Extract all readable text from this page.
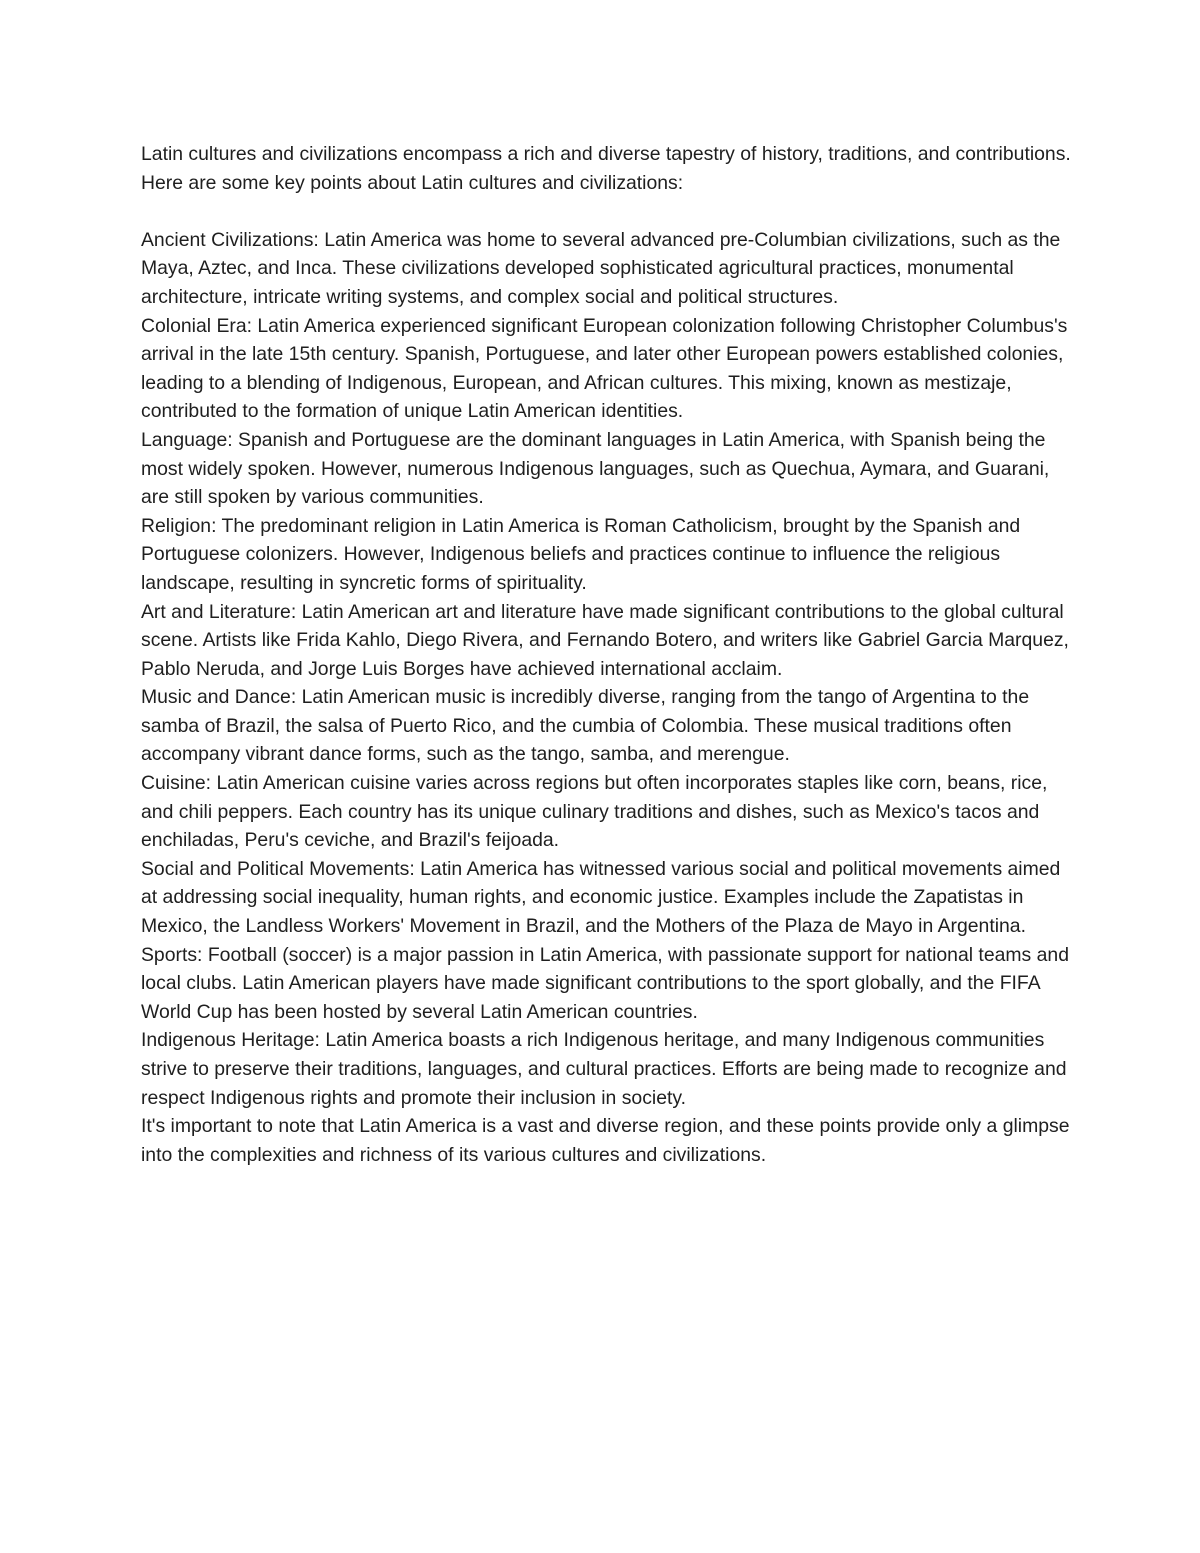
Latin cultures and civilizations encompass a rich and diverse tapestry of history, traditions, and contributions. Here are some key points about Latin cultures and civilizations:

Ancient Civilizations: Latin America was home to several advanced pre-Columbian civilizations, such as the Maya, Aztec, and Inca. These civilizations developed sophisticated agricultural practices, monumental architecture, intricate writing systems, and complex social and political structures.

Colonial Era: Latin America experienced significant European colonization following Christopher Columbus's arrival in the late 15th century. Spanish, Portuguese, and later other European powers established colonies, leading to a blending of Indigenous, European, and African cultures. This mixing, known as mestizaje, contributed to the formation of unique Latin American identities.

Language: Spanish and Portuguese are the dominant languages in Latin America, with Spanish being the most widely spoken. However, numerous Indigenous languages, such as Quechua, Aymara, and Guarani, are still spoken by various communities.

Religion: The predominant religion in Latin America is Roman Catholicism, brought by the Spanish and Portuguese colonizers. However, Indigenous beliefs and practices continue to influence the religious landscape, resulting in syncretic forms of spirituality.

Art and Literature: Latin American art and literature have made significant contributions to the global cultural scene. Artists like Frida Kahlo, Diego Rivera, and Fernando Botero, and writers like Gabriel Garcia Marquez, Pablo Neruda, and Jorge Luis Borges have achieved international acclaim.

Music and Dance: Latin American music is incredibly diverse, ranging from the tango of Argentina to the samba of Brazil, the salsa of Puerto Rico, and the cumbia of Colombia. These musical traditions often accompany vibrant dance forms, such as the tango, samba, and merengue.

Cuisine: Latin American cuisine varies across regions but often incorporates staples like corn, beans, rice, and chili peppers. Each country has its unique culinary traditions and dishes, such as Mexico's tacos and enchiladas, Peru's ceviche, and Brazil's feijoada.

Social and Political Movements: Latin America has witnessed various social and political movements aimed at addressing social inequality, human rights, and economic justice. Examples include the Zapatistas in Mexico, the Landless Workers' Movement in Brazil, and the Mothers of the Plaza de Mayo in Argentina.

Sports: Football (soccer) is a major passion in Latin America, with passionate support for national teams and local clubs. Latin American players have made significant contributions to the sport globally, and the FIFA World Cup has been hosted by several Latin American countries.

Indigenous Heritage: Latin America boasts a rich Indigenous heritage, and many Indigenous communities strive to preserve their traditions, languages, and cultural practices. Efforts are being made to recognize and respect Indigenous rights and promote their inclusion in society.

It's important to note that Latin America is a vast and diverse region, and these points provide only a glimpse into the complexities and richness of its various cultures and civilizations.
